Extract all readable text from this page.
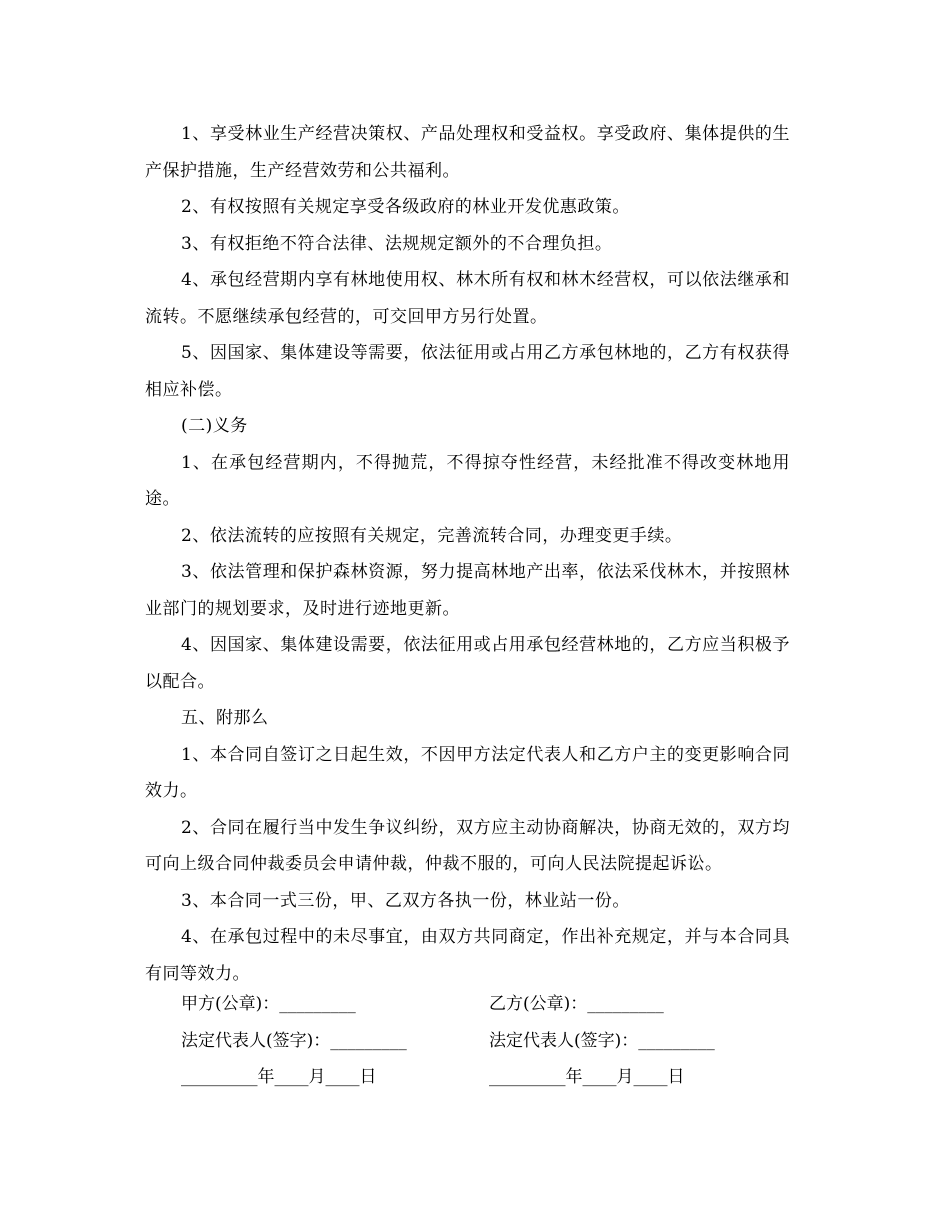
1、享受林业生产经营决策权、产品处理权和受益权。享受政府、集体提供的生产保护措施，生产经营效劳和公共福利。

2、有权按照有关规定享受各级政府的林业开发优惠政策。

3、有权拒绝不符合法律、法规规定额外的不合理负担。

4、承包经营期内享有林地使用权、林木所有权和林木经营权，可以依法继承和流转。不愿继续承包经营的，可交回甲方另行处置。

5、因国家、集体建设等需要，依法征用或占用乙方承包林地的，乙方有权获得相应补偿。

(二)义务

1、在承包经营期内，不得抛荒，不得掠夺性经营，未经批准不得改变林地用途。

2、依法流转的应按照有关规定，完善流转合同，办理变更手续。

3、依法管理和保护森林资源，努力提高林地产出率，依法采伐林木，并按照林业部门的规划要求，及时进行迹地更新。

4、因国家、集体建设需要，依法征用或占用承包经营林地的，乙方应当积极予以配合。

五、附那么

1、本合同自签订之日起生效，不因甲方法定代表人和乙方户主的变更影响合同效力。

2、合同在履行当中发生争议纠纷，双方应主动协商解决，协商无效的，双方均可向上级合同仲裁委员会申请仲裁，仲裁不服的，可向人民法院提起诉讼。

3、本合同一式三份，甲、乙双方各执一份，林业站一份。

4、在承包过程中的未尽事宜，由双方共同商定，作出补充规定，并与本合同具有同等效力。

甲方(公章)：_________	乙方(公章)：_________
法定代表人(签字)：_________	法定代表人(签字)：_________
_________年____月____日	_________年____月____日
